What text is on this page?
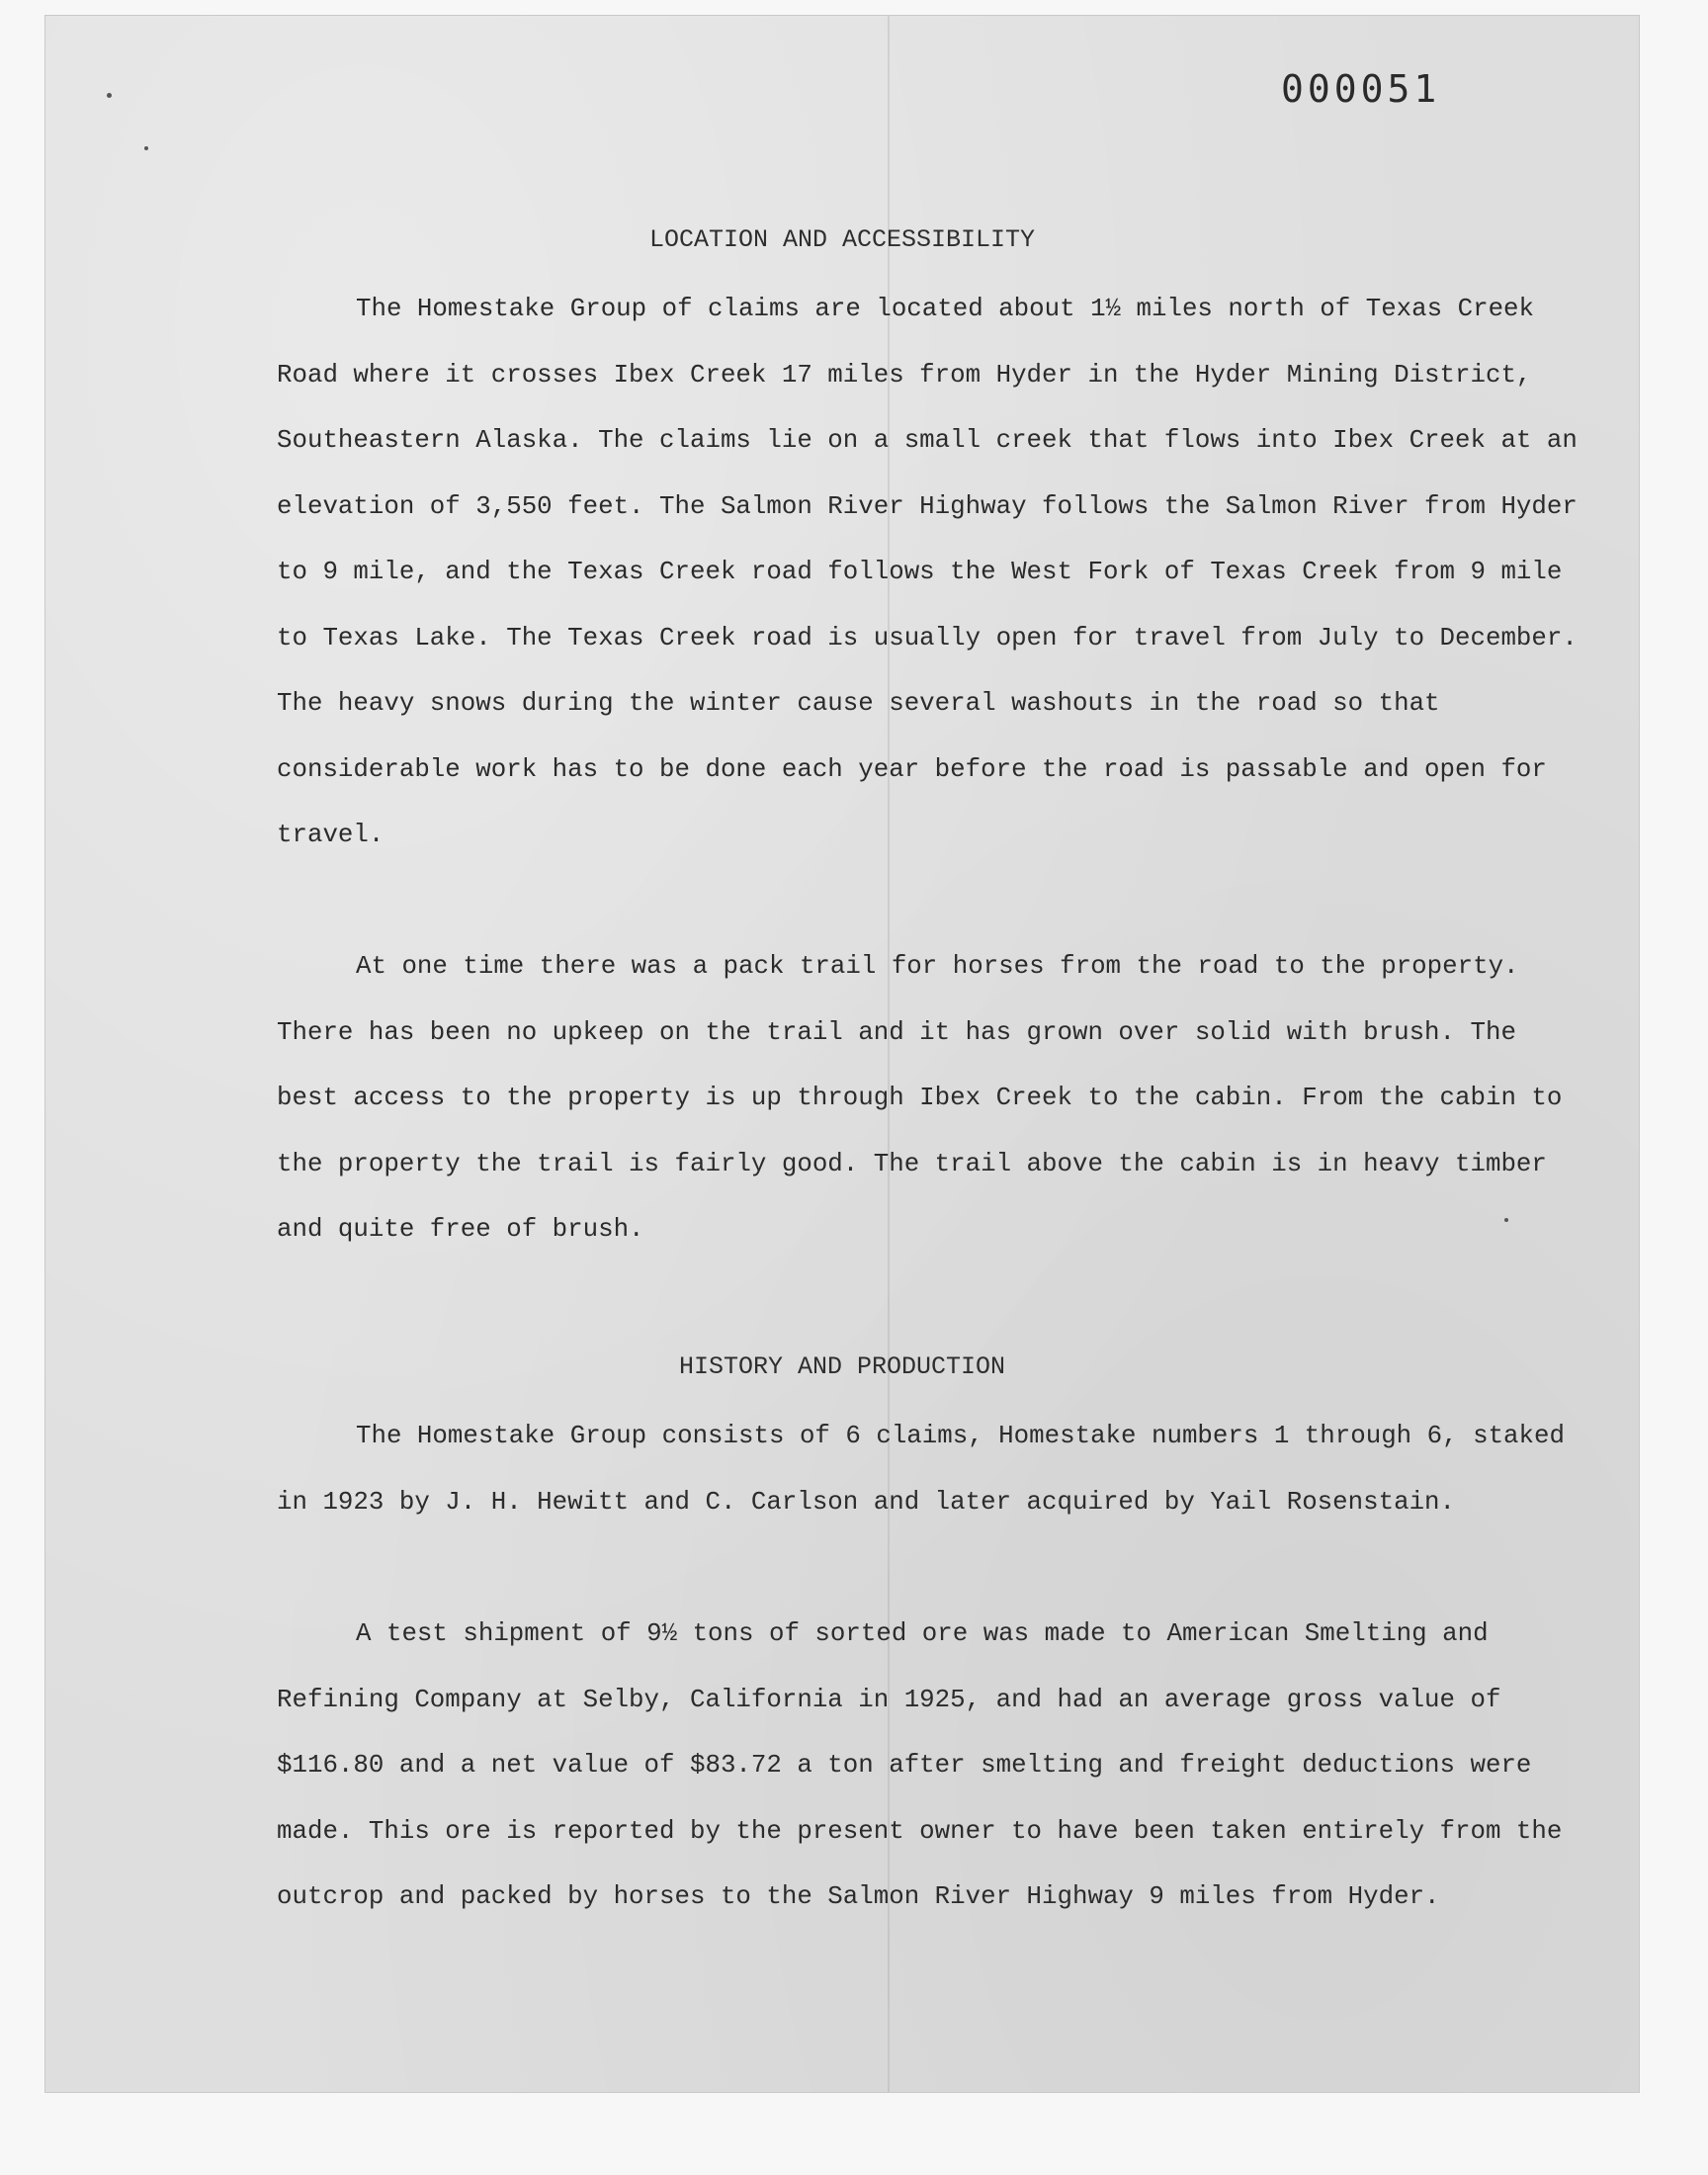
000051

LOCATION AND ACCESSIBILITY

The Homestake Group of claims are located about 1½ miles north of Texas Creek Road where it crosses Ibex Creek 17 miles from Hyder in the Hyder Mining District, Southeastern Alaska. The claims lie on a small creek that flows into Ibex Creek at an elevation of 3,550 feet. The Salmon River Highway follows the Salmon River from Hyder to 9 mile, and the Texas Creek road follows the West Fork of Texas Creek from 9 mile to Texas Lake. The Texas Creek road is usually open for travel from July to December. The heavy snows during the winter cause several washouts in the road so that considerable work has to be done each year before the road is passable and open for travel.

At one time there was a pack trail for horses from the road to the property. There has been no upkeep on the trail and it has grown over solid with brush. The best access to the property is up through Ibex Creek to the cabin. From the cabin to the property the trail is fairly good. The trail above the cabin is in heavy timber and quite free of brush.

HISTORY AND PRODUCTION

The Homestake Group consists of 6 claims, Homestake numbers 1 through 6, staked in 1923 by J. H. Hewitt and C. Carlson and later acquired by Yail Rosenstain.

A test shipment of 9½ tons of sorted ore was made to American Smelting and Refining Company at Selby, California in 1925, and had an average gross value of $116.80 and a net value of $83.72 a ton after smelting and freight deductions were made. This ore is reported by the present owner to have been taken entirely from the outcrop and packed by horses to the Salmon River Highway 9 miles from Hyder.
